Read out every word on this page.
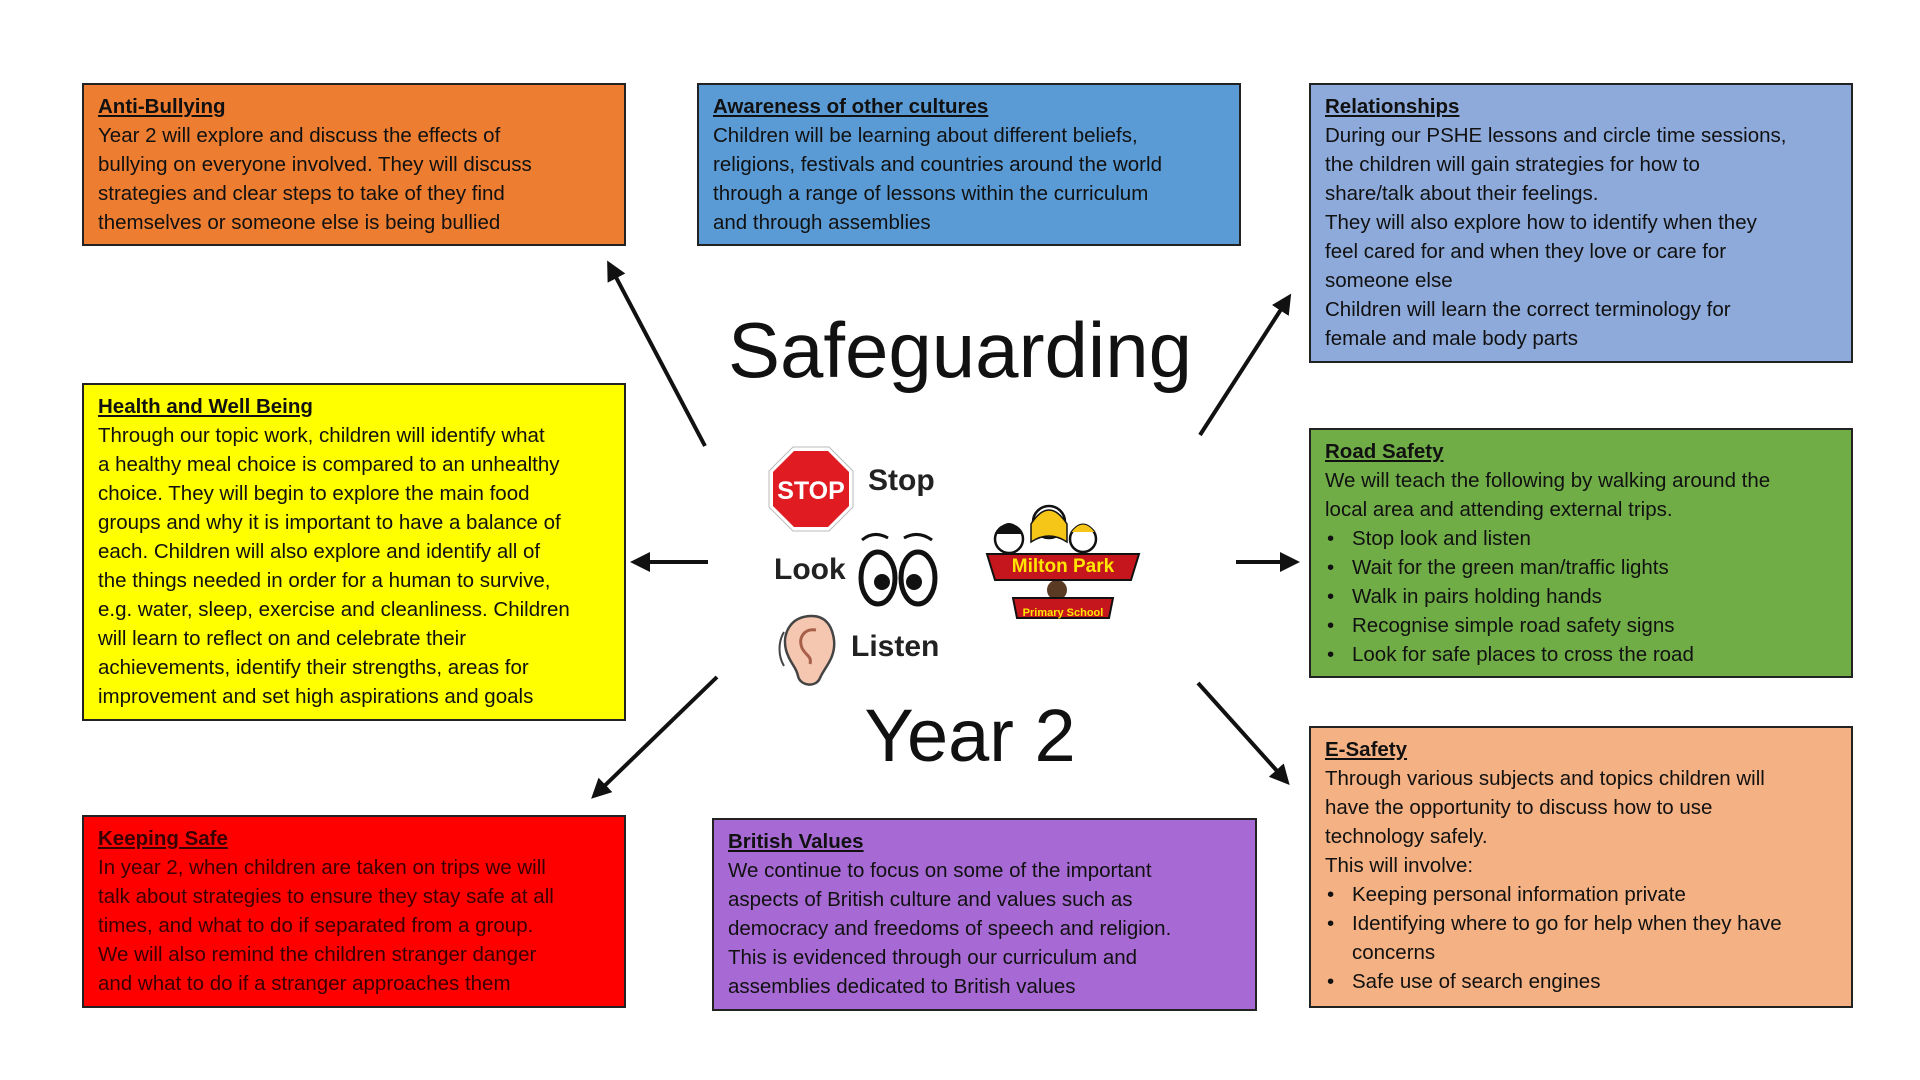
Anti-Bullying

Year 2 will explore and discuss the effects of

bullying on everyone involved. They will discuss

strategies and clear steps to take of they find

themselves or someone else is being bullied

Awareness of other cultures

Children will be learning about different beliefs,

religions, festivals and countries around the world

through a range of lessons within the curriculum

and through assemblies

Relationships

During our PSHE lessons and circle time sessions,

the children will gain strategies for how to

share/talk about their feelings.

They will also explore how to identify when they

feel cared for and when they love or care for

someone else

Children will learn the correct terminology for

female and male body parts

Health and Well Being

Through our topic work, children will identify what

a healthy meal choice is compared to an unhealthy

choice. They will begin to explore the main food

groups and why it is important to have a balance of

each. Children will also explore and identify all of

the things needed in order for a human to survive,

e.g. water, sleep, exercise and cleanliness. Children

will learn to reflect on and celebrate their

achievements, identify their strengths, areas for

improvement and set high aspirations and goals

Road Safety

We will teach the following by walking around the

local area and attending external trips.

• Stop look and listen
• Wait for the green man/traffic lights
• Walk in pairs holding hands
• Recognise simple road safety signs
• Look for safe places to cross the road
Keeping Safe

In year 2, when children are taken on trips we will

talk about strategies to ensure they stay safe at all

times, and what to do if separated from a group.

We will also remind the children stranger danger

and what to do if a stranger approaches them

British Values

We continue to focus on some of the important

aspects of British culture and values such as

democracy and freedoms of speech and religion.

This is evidenced through our curriculum and

assemblies dedicated to British values

E-Safety

Through various subjects and topics children will

have the opportunity to discuss how to use

technology safely.

This will involve:

• Keeping personal information private
• Identifying where to go for help when they have concerns
• Safe use of search engines
Safeguarding
Year 2
STOP Stop
Look
Listen
Milton Park
Primary School
